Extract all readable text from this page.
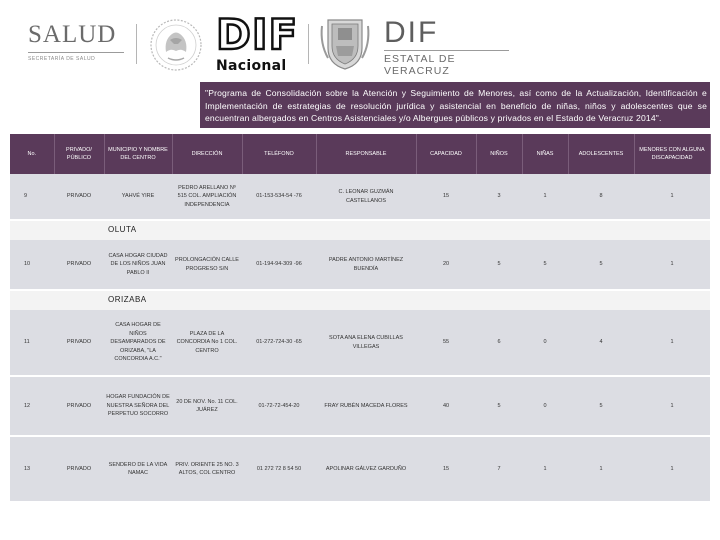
SALUD
SECRETARÍA DE SALUD	DIF
Nacional
DIF
ESTATAL DE VERACRUZ
"Programa de Consolidación sobre la Atención y Seguimiento de Menores, así como de la Actualización, Identificación e Implementación de estrategias de resolución jurídica y asistencial en beneficio de niñas, niños y adolescentes que se encuentran albergados en Centros Asistenciales y/o Albergues públicos y privados en el Estado de Veracruz 2014".
No.	PRIVADO/ PÚBLICO	MUNICIPIO Y NOMBRE DEL CENTRO	DIRECCIÓN	TELÉFONO	RESPONSABLE	CAPACIDAD	NIÑOS	NIÑAS	ADOLESCENTES	MENORES CON ALGUNA DISCAPACIDAD
9	PRIVADO	YAHVÉ YIRE	PEDRO ARELLANO Nº 515 COL. AMPLIACIÓN INDEPENDENCIA	01-153-534-54 -76	C. LEONAR GUZMÁN CASTELLANOS	15	3	1	8	1
	OLUTA									
10	PRIVADO	CASA HOGAR CIUDAD DE LOS NIÑOS JUAN PABLO II	PROLONGACIÓN CALLE PROGRESO S/N	01-194-94-309 -96	PADRE ANTONIO MARTÍNEZ BUENDÍA	20	5	5	5	1
	ORIZABA									
11	PRIVADO	CASA HOGAR DE NIÑOS DESAMPARADOS DE ORIZABA, "LA CONCORDIA A.C."	PLAZA DE LA CONCORDIA No 1 COL. CENTRO	01-272-724-30 -65	SOTA ANA ELENA CUBILLAS VILLEGAS	55	6	0	4	1
12	PRIVADO	HOGAR FUNDACIÓN DE NUESTRA SEÑORA DEL PERPETUO SOCORRO	20 DE NOV. No. 11 COL. JUÁREZ	01-72-72-454-20	FRAY RUBÉN MACEDA FLORES	40	5	0	5	1
13	PRIVADO	SENDERO DE LA VIDA NAMAC	PRIV. ORIENTE 25 NO. 3 ALTOS, COL CENTRO	01 272 72 8 54 50	APOLINAR GÁLVEZ GARDUÑO	15	7	1	1	1
